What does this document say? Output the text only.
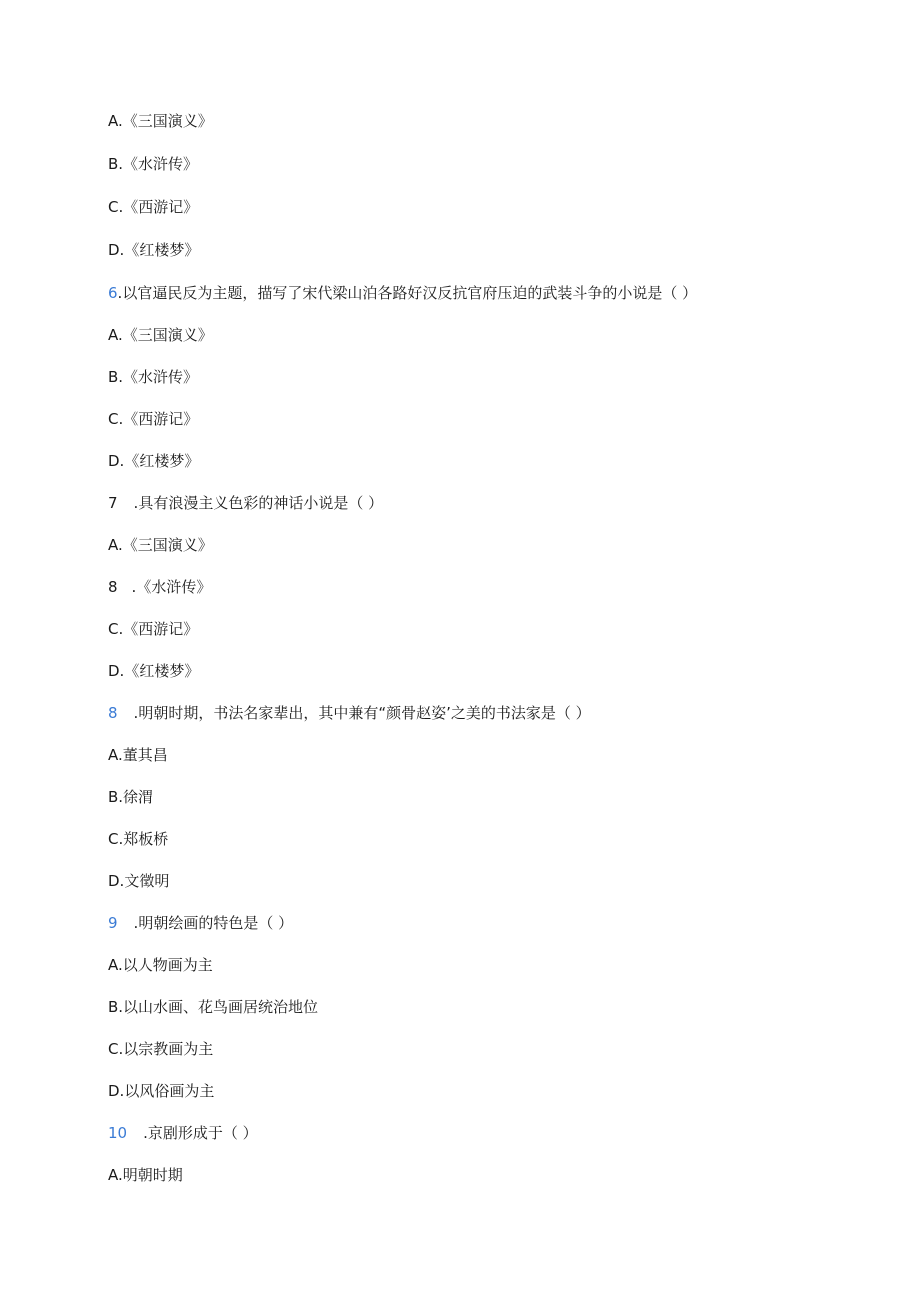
A.《三国演义》
B.《水浒传》
C.《西游记》
D.《红楼梦》
6.以官逼民反为主题，描写了宋代梁山泊各路好汉反抗官府压迫的武装斗争的小说是（ ）
A.《三国演义》
B.《水浒传》
C.《西游记》
D.《红楼梦》
7 .具有浪漫主义色彩的神话小说是（ ）
A.《三国演义》
8 .《水浒传》
C.《西游记》
D.《红楼梦》
8 .明朝时期，书法名家辈出，其中兼有“颜骨赵姿’之美的书法家是（ ）
A.董其昌
B.徐渭
C.郑板桥
D.文徵明
9 .明朝绘画的特色是（ ）
A.以人物画为主
B.以山水画、花鸟画居统治地位
C.以宗教画为主
D.以风俗画为主
10 .京剧形成于（ ）
A.明朝时期
